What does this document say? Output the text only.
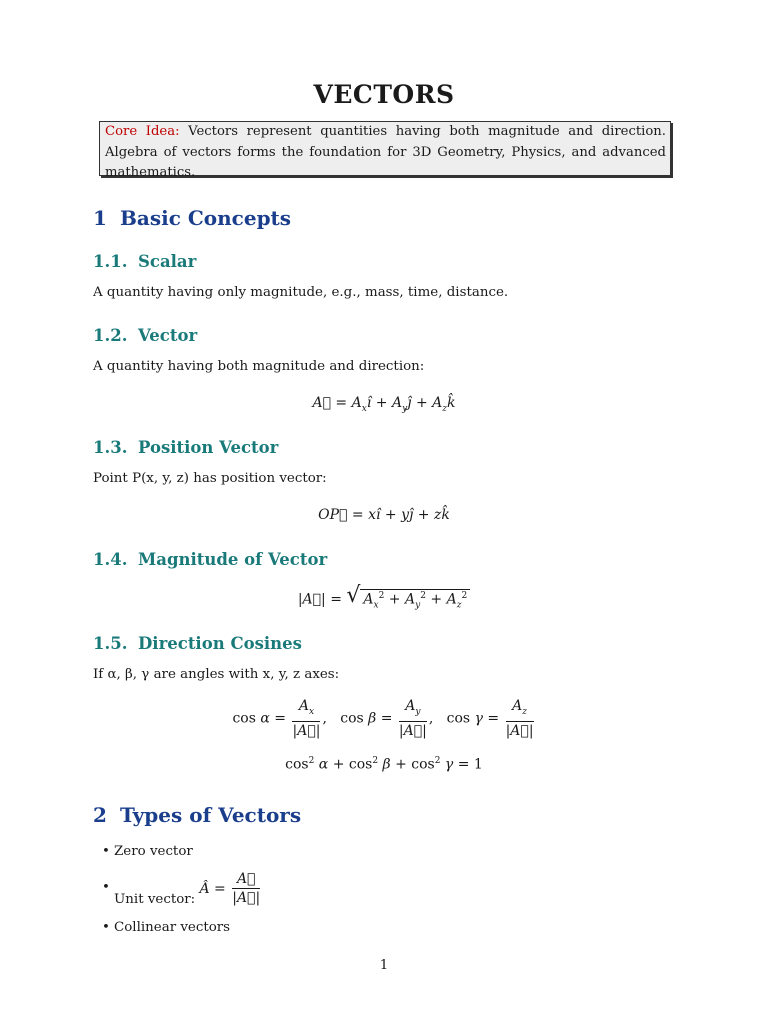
VECTORS
Core Idea: Vectors represent quantities having both magnitude and direction. Algebra of vectors forms the foundation for 3D Geometry, Physics, and advanced mathematics.
1 Basic Concepts
1.1. Scalar
A quantity having only magnitude, e.g., mass, time, distance.
1.2. Vector
A quantity having both magnitude and direction:
A⃗ = $A_xî$ + $A_yĵ$ + $A_zk̂$
1.3. Position Vector
Point P(x, y, z) has position vector:
OP⃗ = xî + yĵ + zk̂
1.4. Magnitude of Vector
|A⃗| = √ $A_x^2 + A_y^2 + A_z^2$
1.5. Direction Cosines
If α, β, γ are angles with x, y, z axes:
$\cos \alpha = \frac{A_x}{|A⃗|}$ ,   $\cos \beta = \frac{A_y}{|A⃗|}$ ,   $\cos \gamma = \frac{A_z}{|A⃗|}$
$\cos^2 \alpha + \cos^2 \beta + \cos^2 \gamma = 1$
2 Types of Vectors
• Zero vector
•
Unit vector: Â = $\frac{A⃗}{|A⃗|}$
• Collinear vectors
1
